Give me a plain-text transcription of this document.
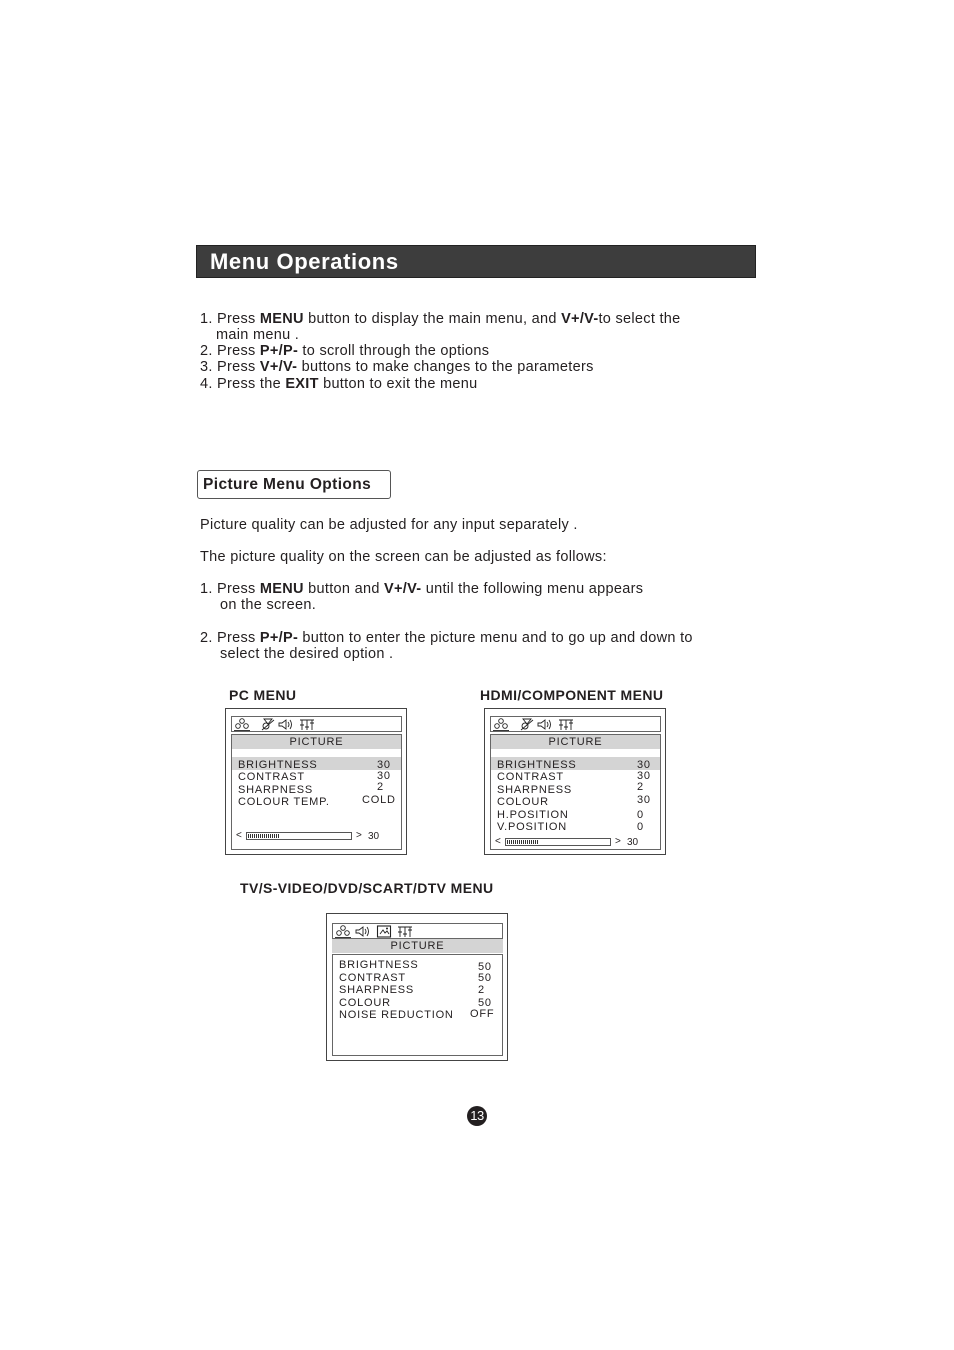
Menu Operations
1. Press MENU button to display the main menu, and V+/V-to select the
main menu .
2. Press P+/P- to scroll through the options
3. Press V+/V- buttons to make changes to the parameters
4. Press the EXIT button to exit the menu
Picture Menu Options
Picture quality can be adjusted for any input separately .
The picture quality on the screen can be adjusted as follows:
1. Press MENU button and V+/V- until the following menu appears
on the screen.
2. Press P+/P- button to enter the picture menu and to go up and down to
select the desired option .
PC MENU	HDMI/COMPONENT MENU
TV/S-VIDEO/DVD/SCART/DTV MENU
PICTURE
BRIGHTNESS	30
CONTRAST	30
SHARPNESS	2
COLOUR TEMP.	COLD
<	> 30
PICTURE
BRIGHTNESS	30
CONTRAST	30
SHARPNESS	2
COLOUR	30
H.POSITION	0
V.POSITION	0
<	> 30
PICTURE
BRIGHTNESS	50
CONTRAST	50
SHARPNESS	2
COLOUR	50
NOISE REDUCTION OFF
13
